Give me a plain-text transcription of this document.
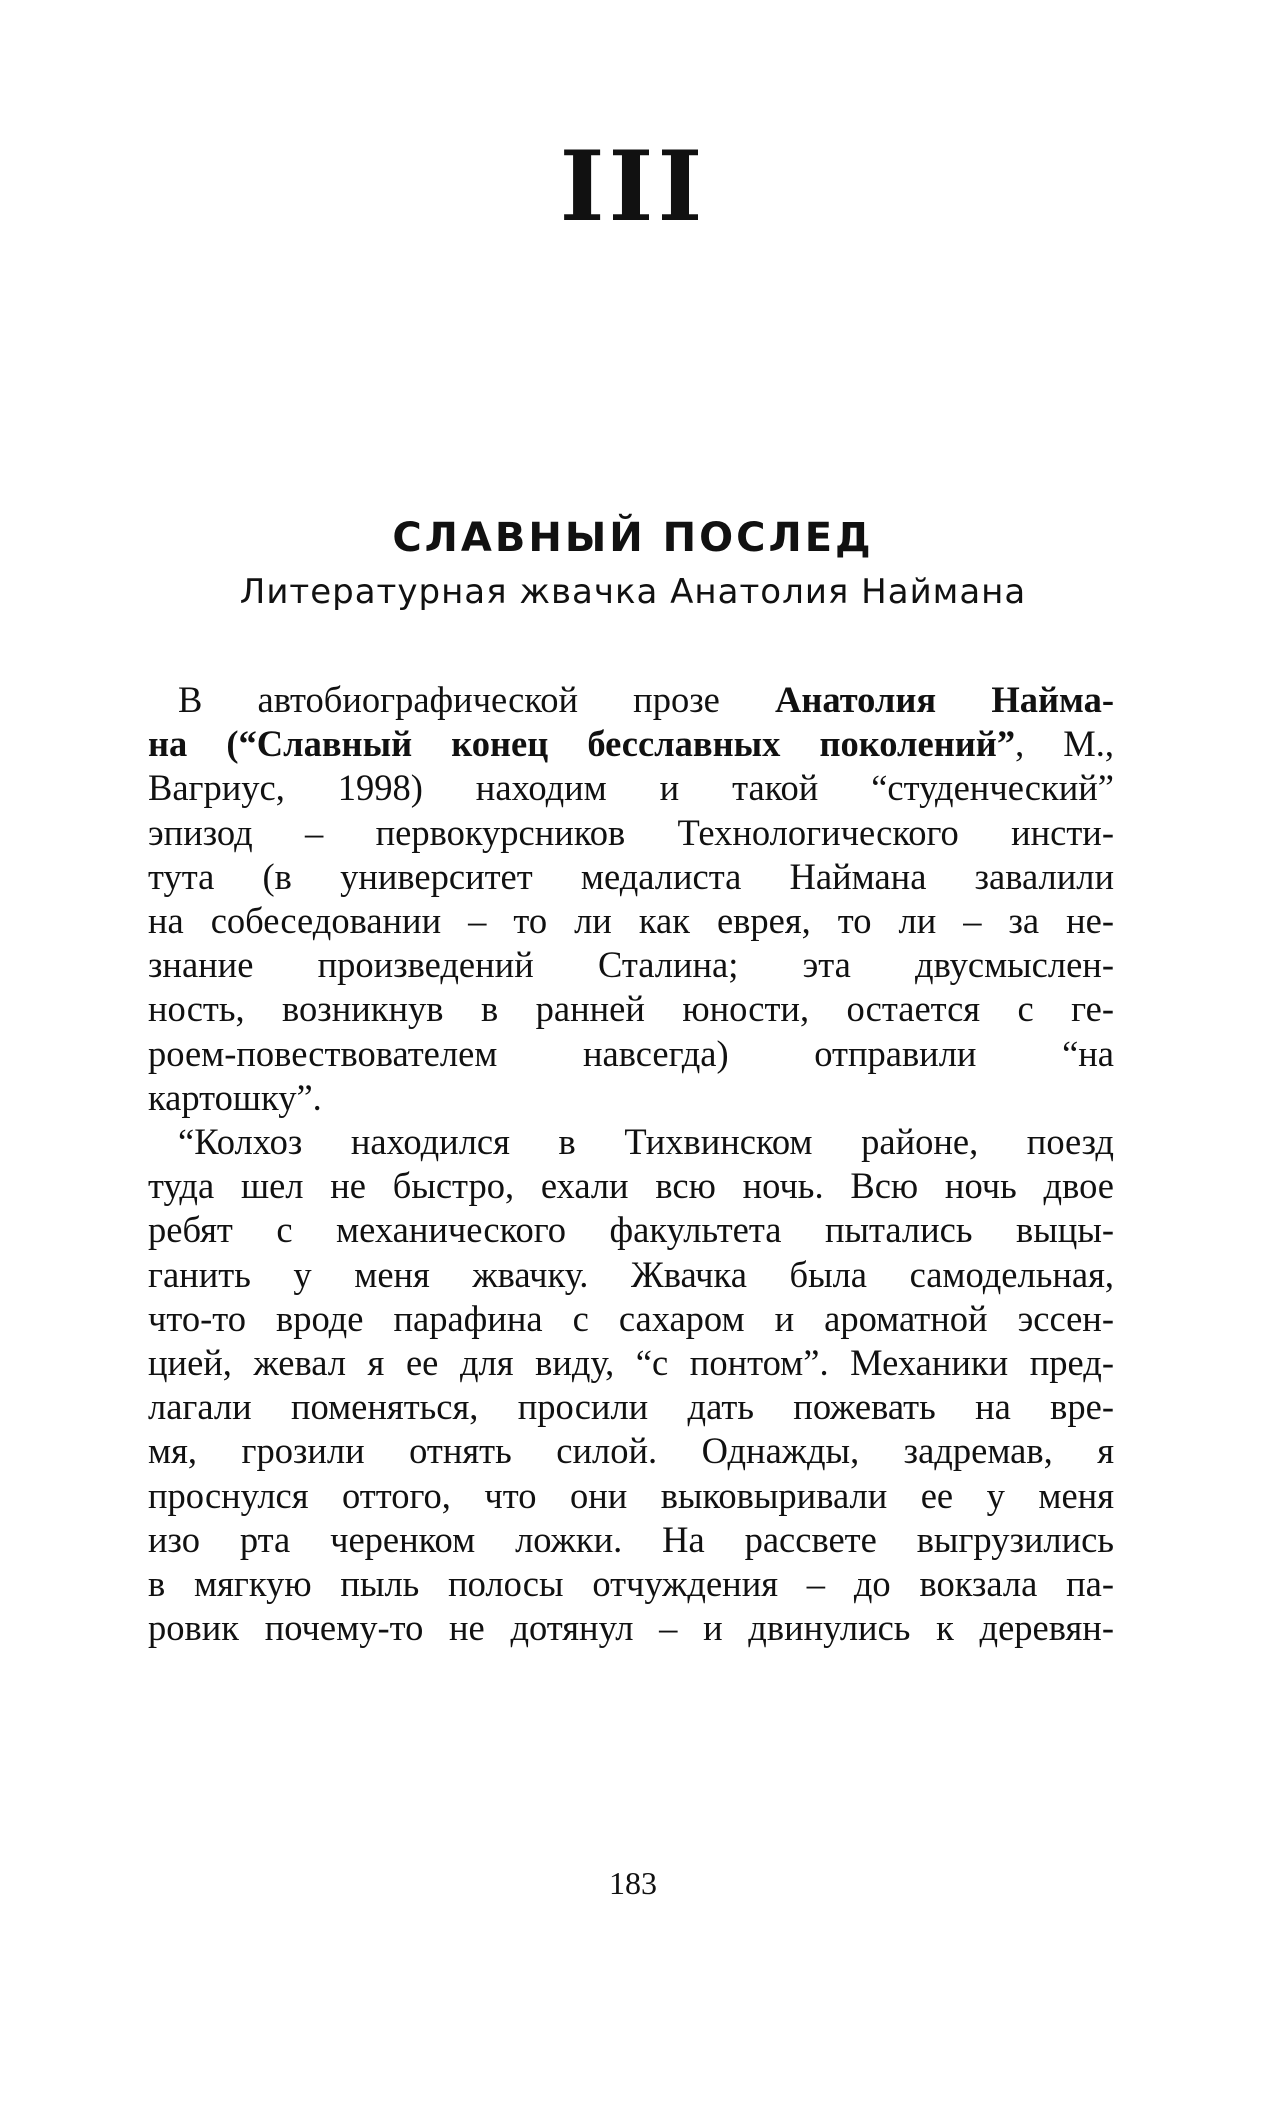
III
СЛАВНЫЙ ПОСЛЕД
Литературная жвачка Анатолия Наймана
В автобиографической прозе Анатолия Найма-
на (“Славный конец бесславных поколений”, М.,
Вагриус, 1998) находим и такой “студенческий”
эпизод – первокурсников Технологического инсти-
тута (в университет медалиста Наймана завалили
на собеседовании – то ли как еврея, то ли – за не-
знание произведений Сталина; эта двусмыслен-
ность, возникнув в ранней юности, остается с ге-
роем-повествователем навсегда) отправили “на
картошку”.
“Колхоз находился в Тихвинском районе, поезд
туда шел не быстро, ехали всю ночь. Всю ночь двое
ребят с механического факультета пытались выцы-
ганить у меня жвачку. Жвачка была самодельная,
что-то вроде парафина с сахаром и ароматной эссен-
цией, жевал я ее для виду, “с понтом”. Механики пред-
лагали поменяться, просили дать пожевать на вре-
мя, грозили отнять силой. Однажды, задремав, я
проснулся оттого, что они выковыривали ее у меня
изо рта черенком ложки. На рассвете выгрузились
в мягкую пыль полосы отчуждения – до вокзала па-
ровик почему-то не дотянул – и двинулись к деревян-
183
